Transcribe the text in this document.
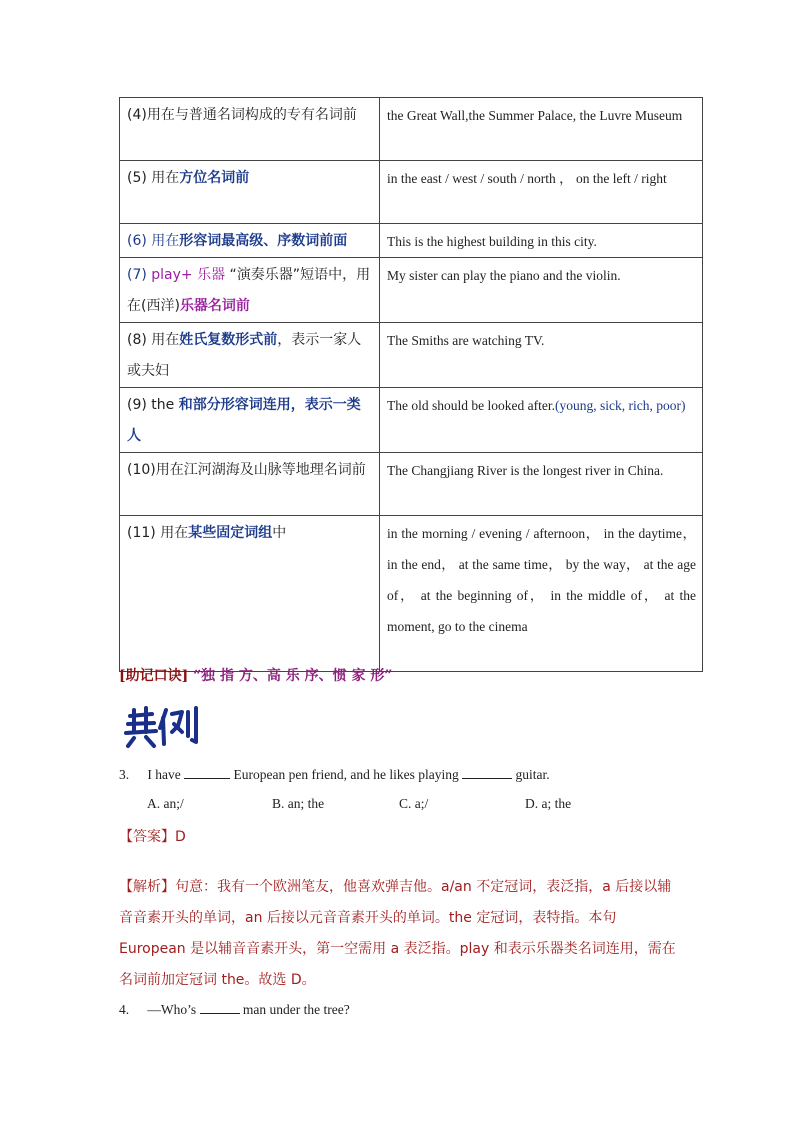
(4)用在与普通名词构成的专有名词前	the Great Wall,the Summer Palace, the Luvre Museum
(5) 用在方位名词前	in the east / west / south / north ， on the left / right
(6) 用在形容词最高级、序数词前面	This is the highest building in this city.
(7) play+ 乐器 “演奏乐器”短语中，用在(西洋)乐器名词前	My sister can play the piano and the violin.
(8) 用在姓氏复数形式前，表示一家人或夫妇	The Smiths are watching TV.
(9) the 和部分形容词连用，表示一类人	The old should be looked after.(young, sick, rich, poor)
(10)用在江河湖海及山脉等地理名词前	The Changjiang River is the longest river in China.
(11) 用在某些固定词组中	in the morning / evening / afternoon， in the daytime， in the end， at the same time， by the way， at the age of， at the beginning of， in the middle of， at the moment, go to the cinema
[助记口诀] “独 指 方、高 乐 序、惯 家 形”
3. I have	European pen friend, and he likes playing	guitar.
A. an;/	B. an; the	C. a;/	D. a; the
【答案】D
【解析】句意：我有一个欧洲笔友，他喜欢弹吉他。a/an 不定冠词，表泛指，a 后接以辅音音素开头的单词，an 后接以元音音素开头的单词。the 定冠词，表特指。本句 European 是以辅音音素开头，第一空需用 a 表泛指。play 和表示乐器类名词连用，需在名词前加定冠词 the。故选 D。
4. —Who’s	man under the tree?
